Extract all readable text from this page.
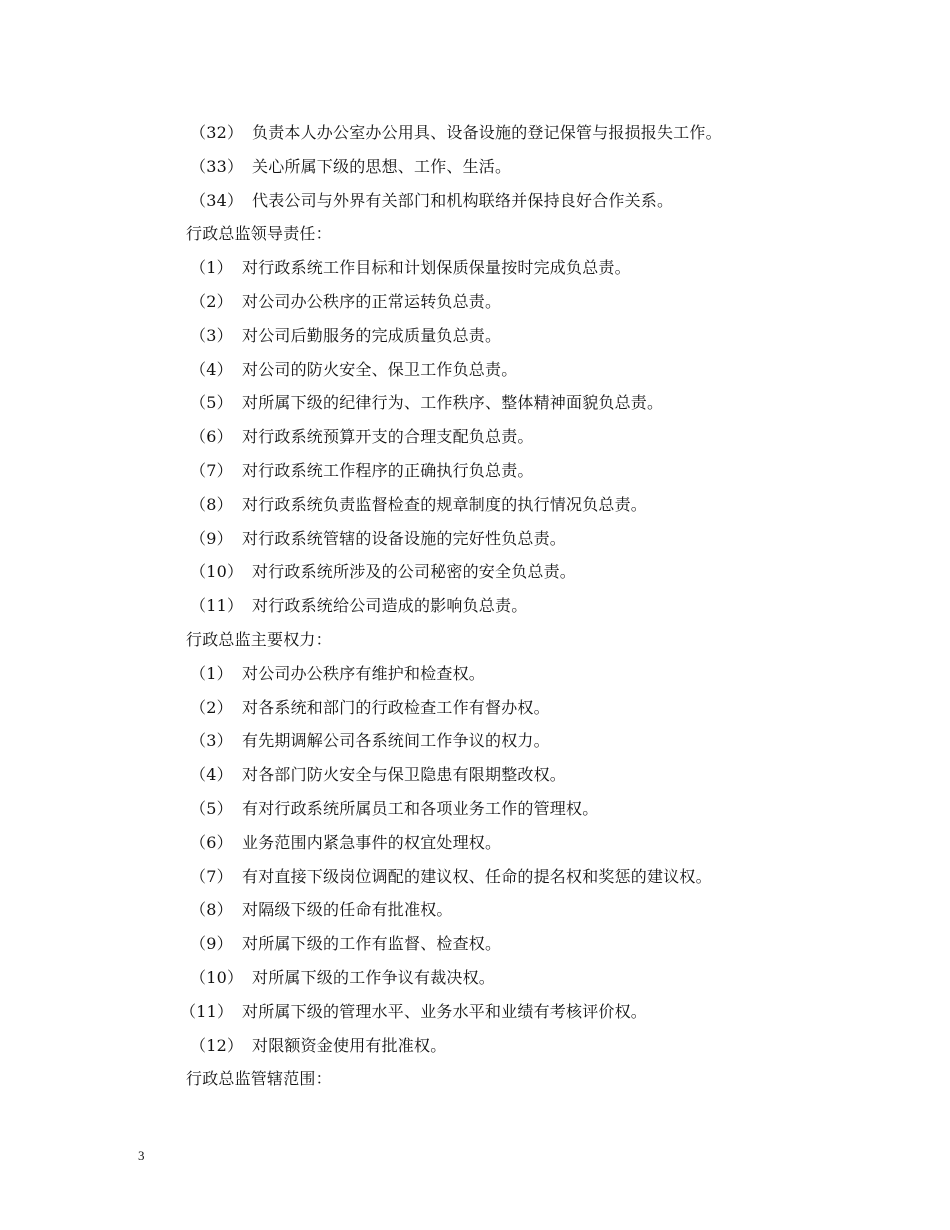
（32） 负责本人办公室办公用具、设备设施的登记保管与报损报失工作。
（33） 关心所属下级的思想、工作、生活。
（34） 代表公司与外界有关部门和机构联络并保持良好合作关系。
行政总监领导责任：
（1） 对行政系统工作目标和计划保质保量按时完成负总责。
（2） 对公司办公秩序的正常运转负总责。
（3） 对公司后勤服务的完成质量负总责。
（4） 对公司的防火安全、保卫工作负总责。
（5） 对所属下级的纪律行为、工作秩序、整体精神面貌负总责。
（6） 对行政系统预算开支的合理支配负总责。
（7） 对行政系统工作程序的正确执行负总责。
（8） 对行政系统负责监督检查的规章制度的执行情况负总责。
（9） 对行政系统管辖的设备设施的完好性负总责。
（10） 对行政系统所涉及的公司秘密的安全负总责。
（11） 对行政系统给公司造成的影响负总责。
行政总监主要权力：
（1） 对公司办公秩序有维护和检查权。
（2） 对各系统和部门的行政检查工作有督办权。
（3） 有先期调解公司各系统间工作争议的权力。
（4） 对各部门防火安全与保卫隐患有限期整改权。
（5） 有对行政系统所属员工和各项业务工作的管理权。
（6） 业务范围内紧急事件的权宜处理权。
（7） 有对直接下级岗位调配的建议权、任命的提名权和奖惩的建议权。
（8） 对隔级下级的任命有批准权。
（9） 对所属下级的工作有监督、检查权。
（10） 对所属下级的工作争议有裁决权。
（11） 对所属下级的管理水平、业务水平和业绩有考核评价权。
（12） 对限额资金使用有批准权。
行政总监管辖范围：
3
